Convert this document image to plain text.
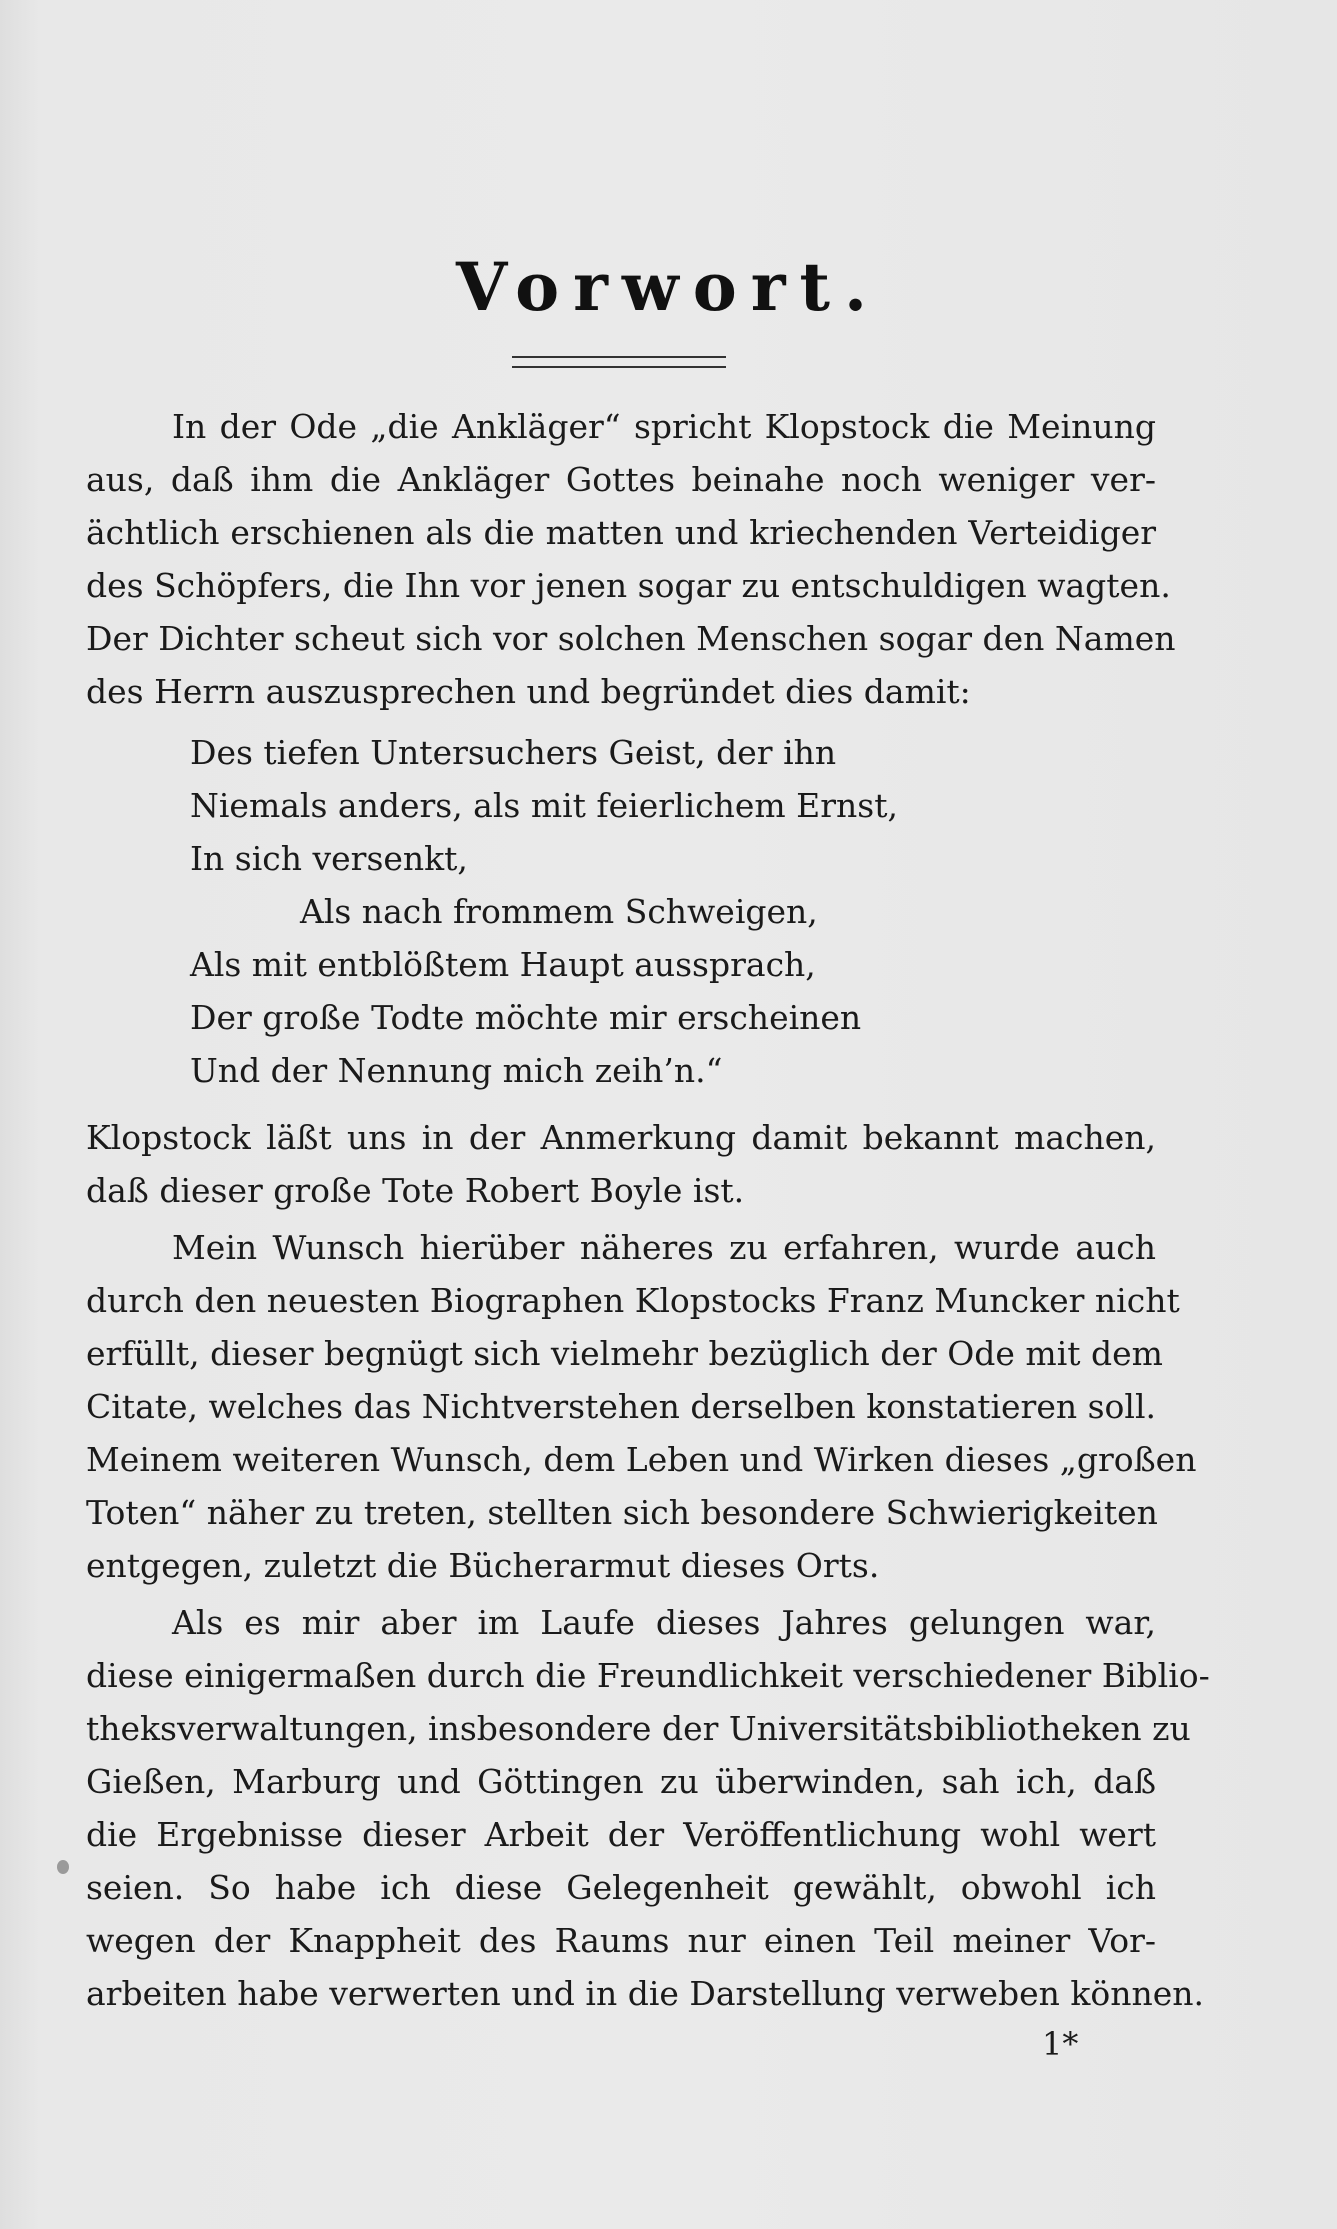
Vorwort.
In der Ode „die Ankläger“ spricht Klopstock die Meinung
aus, daß ihm die Ankläger Gottes beinahe noch weniger ver-
ächtlich erschienen als die matten und kriechenden Verteidiger
des Schöpfers, die Ihn vor jenen sogar zu entschuldigen wagten.
Der Dichter scheut sich vor solchen Menschen sogar den Namen
des Herrn auszusprechen und begründet dies damit:
Des tiefen Untersuchers Geist, der ihn
Niemals anders, als mit feierlichem Ernst,
In sich versenkt,
Als nach frommem Schweigen,
Als mit entblößtem Haupt aussprach,
Der große Todte möchte mir erscheinen
Und der Nennung mich zeih’n.“
Klopstock läßt uns in der Anmerkung damit bekannt machen,
daß dieser große Tote Robert Boyle ist.
Mein Wunsch hierüber näheres zu erfahren, wurde auch
durch den neuesten Biographen Klopstocks Franz Muncker nicht
erfüllt, dieser begnügt sich vielmehr bezüglich der Ode mit dem
Citate, welches das Nichtverstehen derselben konstatieren soll.
Meinem weiteren Wunsch, dem Leben und Wirken dieses „großen
Toten“ näher zu treten, stellten sich besondere Schwierigkeiten
entgegen, zuletzt die Bücherarmut dieses Orts.
Als es mir aber im Laufe dieses Jahres gelungen war,
diese einigermaßen durch die Freundlichkeit verschiedener Biblio-
theksverwaltungen, insbesondere der Universitätsbibliotheken zu
Gießen, Marburg und Göttingen zu überwinden, sah ich, daß
die Ergebnisse dieser Arbeit der Veröffentlichung wohl wert
seien. So habe ich diese Gelegenheit gewählt, obwohl ich
wegen der Knappheit des Raums nur einen Teil meiner Vor-
arbeiten habe verwerten und in die Darstellung verweben können.
1*
